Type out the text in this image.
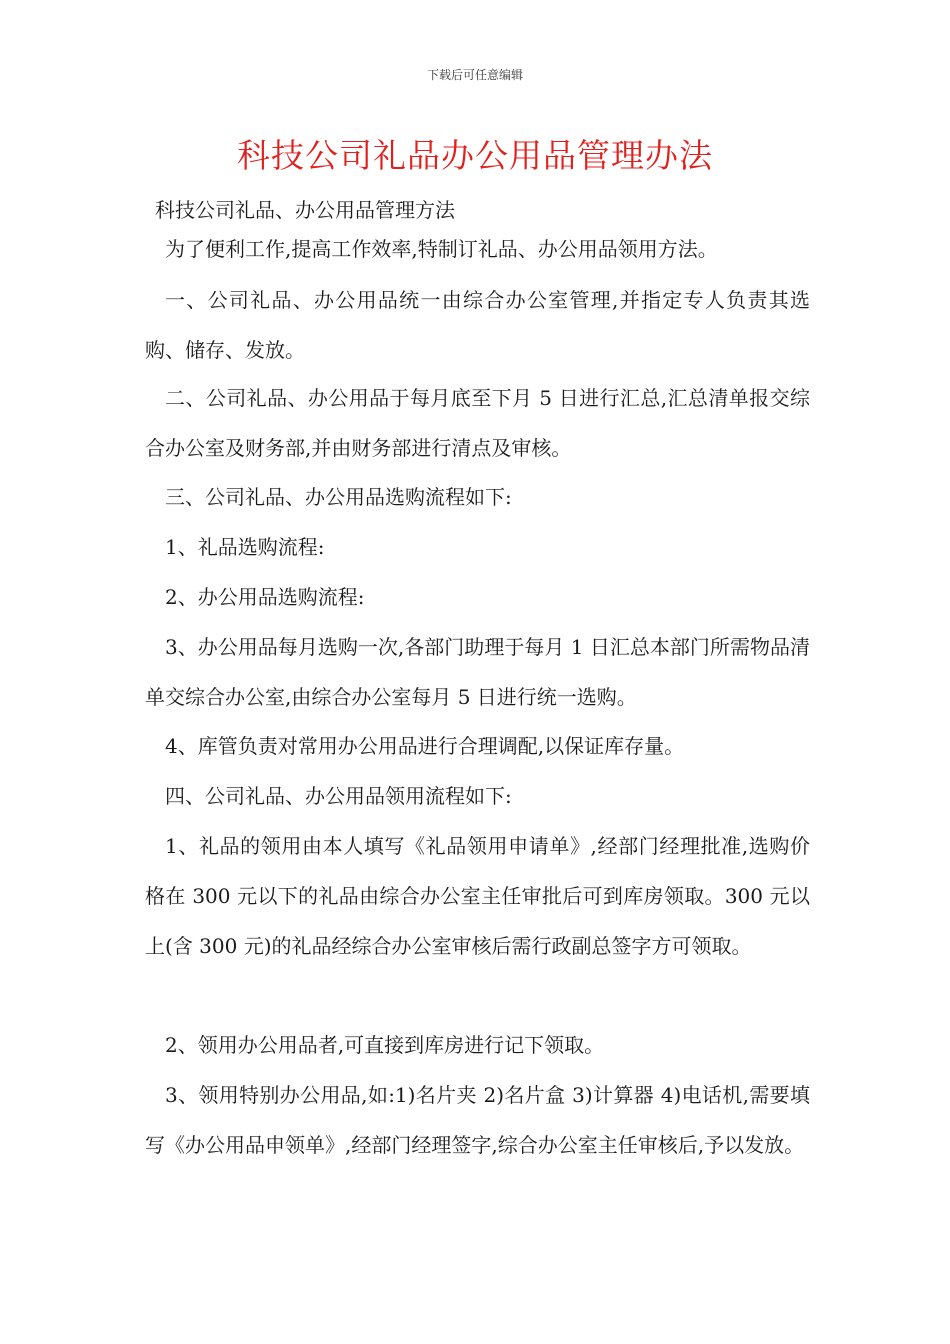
下载后可任意编辑
科技公司礼品办公用品管理办法

科技公司礼品、办公用品管理方法

为了便利工作,提高工作效率,特制订礼品、办公用品领用方法。

一、公司礼品、办公用品统一由综合办公室管理,并指定专人负责其选购、储存、发放。

二、公司礼品、办公用品于每月底至下月 5 日进行汇总,汇总清单报交综合办公室及财务部,并由财务部进行清点及审核。

三、公司礼品、办公用品选购流程如下:

1、礼品选购流程:

2、办公用品选购流程:

3、办公用品每月选购一次,各部门助理于每月 1 日汇总本部门所需物品清单交综合办公室,由综合办公室每月 5 日进行统一选购。

4、库管负责对常用办公用品进行合理调配,以保证库存量。

四、公司礼品、办公用品领用流程如下:

1、礼品的领用由本人填写《礼品领用申请单》,经部门经理批准,选购价格在 300 元以下的礼品由综合办公室主任审批后可到库房领取。300 元以上(含 300 元)的礼品经综合办公室审核后需行政副总签字方可领取。

2、领用办公用品者,可直接到库房进行记下领取。

3、领用特别办公用品,如:1)名片夹 2)名片盒 3)计算器 4)电话机,需要填写《办公用品申领单》,经部门经理签字,综合办公室主任审核后,予以发放。
